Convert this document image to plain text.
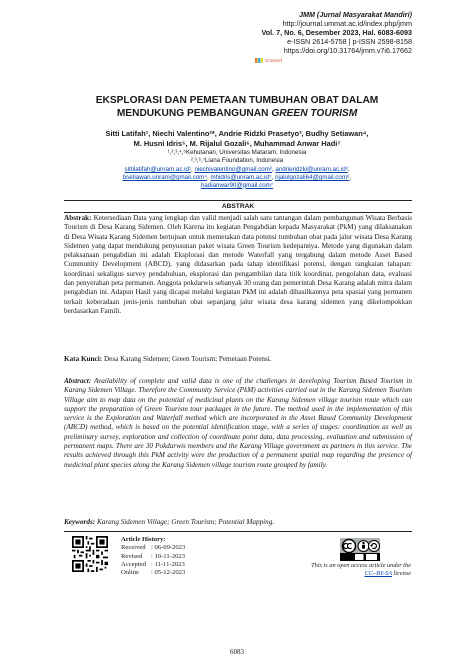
JMM (Jurnal Masyarakat Mandiri)
http://journal.ummat.ac.id/index.php/jmm
Vol. 7, No. 6, Desember 2023, Hal. 6083-6093
e-ISSN 2614-5758 | p-ISSN 2598-8158
https://doi.org/10.31764/jmm.v7i6.17662
Crossref
EKSPLORASI DAN PEMETAAN TUMBUHAN OBAT DALAM
MENDUKUNG PEMBANGUNAN GREEN TOURISM
Sitti Latifah¹, Niechi Valentino²*, Andrie Ridzki Prasetyo³, Budhy Setiawan⁴,
M. Husni Idris⁵, M. Rijalul Gozali⁶, Muhammad Anwar Hadi⁷
¹,²,³,⁴,⁵Kehutanan, Universitas Mataram, Indonesia
²,³,⁶,⁷Liana Foundation, Indonesia
sittilatifah@unram.ac.id¹, niechivalentino@gmail.com², andrieridzki@unram.ac.id³,
bsetiawan.unram@gmail.com⁴, mhidris@unram.ac.id⁵, rijalulgozali64@gmail.com⁶,
hadianwar90@gmail.com⁷
ABSTRAK
Abstrak: Ketersediaan Data yang lengkap dan valid menjadi salah satu tantangan dalam pembangunan Wisata Berbasis Tourism di Desa Karang Sidemen. Oleh Karena itu kegiatan Pengabdian kepada Masyarakat (PkM) yang dilaksanakan di Desa Wisata Karang Sidemen bertujuan untuk memetakan data potensi tumbuhan obat pada jalur wisata Desa Karang Sidemen yang dapat mendukung penyusunan paket wisata Green Tourism kedepannya. Metode yang digunakan dalam pelaksanaan pengabdian ini adalah Eksplorasi dan metode Waterfall yang tergabung dalam metode Asset Based Community Development (ABCD), yang didasarkan pada tahap identifikasi potensi, dengan rangkaian tahapan: koordinasi sekaligus survey pendahuluan, eksplorasi dan pengambilan data titik koordinat, pengolahan data, evaluasi dan penyerahan peta permanen. Anggota pokdarwis sebanyak 30 orang dan pemerintah Desa Karang adalah mitra dalam pengabdian ini. Adapun Hasil yang dicapai melalui kegiatan PkM ini adalah dihasilkannya peta spasial yang permanen terkait keberadaan jenis-jenis tumbuhan obat sepanjang jalur wisata desa karang sidemen yang dikelompokkan berdasarkan Famili.
Kata Kunci: Desa Karang Sidemen; Green Tourism; Pemetaan Potensi.
Abstract: Availability of complete and valid data is one of the challenges in developing Tourism Based Tourism in Karang Sidemen Village. Therefore the Community Service (PkM) activities carried out in the Karang Sidemen Tourism Village aim to map data on the potential of medicinal plants on the Karang Sidemen village tourism route which can support the preparation of Green Tourism tour packages in the future. The method used in the implementation of this service is the Exploration and Waterfall method which are incorporated in the Asset Based Community Development (ABCD) method, which is based on the potential identification stage, with a series of stages: coordination as well as preliminary survey, exploration and collection of coordinate point data, data processing, evaluation and submission of permanent maps. There are 30 Pokdarwis members and the Karang Village government as partners in this service. The results achieved through this PkM activity were the production of a permanent spatial map regarding the presence of medicinal plant species along the Karang Sidemen village tourism route grouped by family.
Keywords: Karang Sidemen Village; Green Tourism; Potential Mapping.
Article History:
Received : 06-09-2023
Revised : 10-11-2023
Accepted : 11-11-2023
Online : 05-12-2023
This is an open access article under the
CC–BY-SA license
6083
